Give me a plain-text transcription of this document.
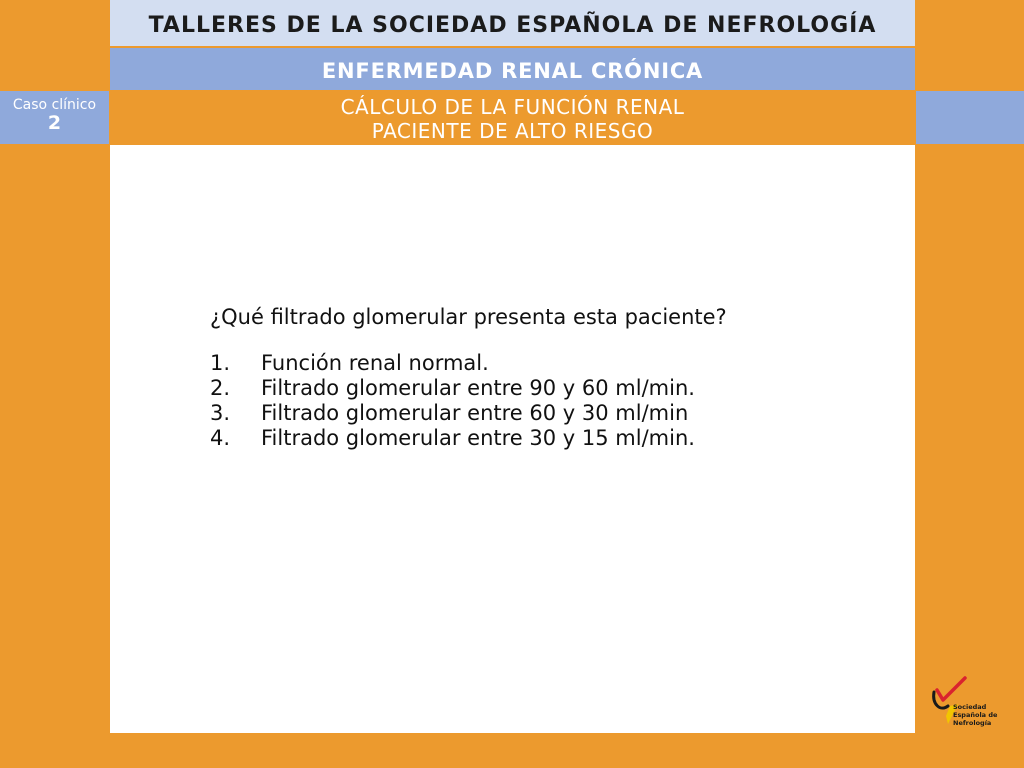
TALLERES DE LA SOCIEDAD ESPAÑOLA DE NEFROLOGÍA
ENFERMEDAD RENAL CRÓNICA
Caso clínico
2
CÁLCULO DE LA FUNCIÓN RENAL
PACIENTE DE ALTO RIESGO
¿Qué filtrado glomerular presenta esta paciente?
1. Función renal normal.
2. Filtrado glomerular entre 90 y 60 ml/min.
3. Filtrado glomerular entre 60 y 30 ml/min
4. Filtrado glomerular entre 30 y 15 ml/min.
Sociedad
Española de
Nefrología
